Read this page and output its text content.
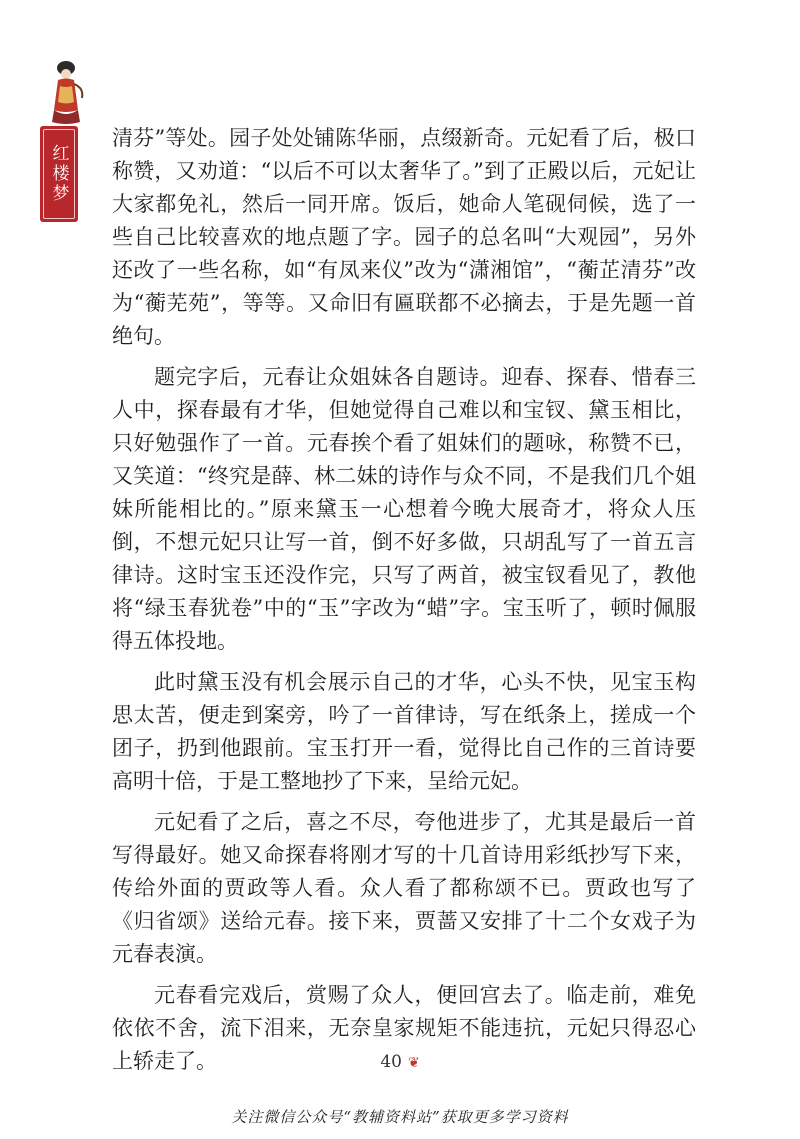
红楼梦

清芬”等处。园子处处铺陈华丽，点缀新奇。元妃看了后，极口称赞，又劝道：“以后不可以太奢华了。”到了正殿以后，元妃让大家都免礼，然后一同开席。饭后，她命人笔砚伺候，选了一些自己比较喜欢的地点题了字。园子的总名叫“大观园”，另外还改了一些名称，如“有凤来仪”改为“潇湘馆”，“蘅芷清芬”改为“蘅芜苑”，等等。又命旧有匾联都不必摘去，于是先题一首绝句。

题完字后，元春让众姐妹各自题诗。迎春、探春、惜春三人中，探春最有才华，但她觉得自己难以和宝钗、黛玉相比，只好勉强作了一首。元春挨个看了姐妹们的题咏，称赞不已，又笑道：“终究是薛、林二妹的诗作与众不同，不是我们几个姐妹所能相比的。”原来黛玉一心想着今晚大展奇才，将众人压倒，不想元妃只让写一首，倒不好多做，只胡乱写了一首五言律诗。这时宝玉还没作完，只写了两首，被宝钗看见了，教他将“绿玉春犹卷”中的“玉”字改为“蜡”字。宝玉听了，顿时佩服得五体投地。

此时黛玉没有机会展示自己的才华，心头不快，见宝玉构思太苦，便走到案旁，吟了一首律诗，写在纸条上，搓成一个团子，扔到他跟前。宝玉打开一看，觉得比自己作的三首诗要高明十倍，于是工整地抄了下来，呈给元妃。

元妃看了之后，喜之不尽，夸他进步了，尤其是最后一首写得最好。她又命探春将刚才写的十几首诗用彩纸抄写下来，传给外面的贾政等人看。众人看了都称颂不已。贾政也写了《归省颂》送给元春。接下来，贾蔷又安排了十二个女戏子为元春表演。

元春看完戏后，赏赐了众人，便回宫去了。临走前，难免依依不舍，流下泪来，无奈皇家规矩不能违抗，元妃只得忍心上轿走了。	40 ❦
关注微信公众号“教辅资料站”获取更多学习资料
